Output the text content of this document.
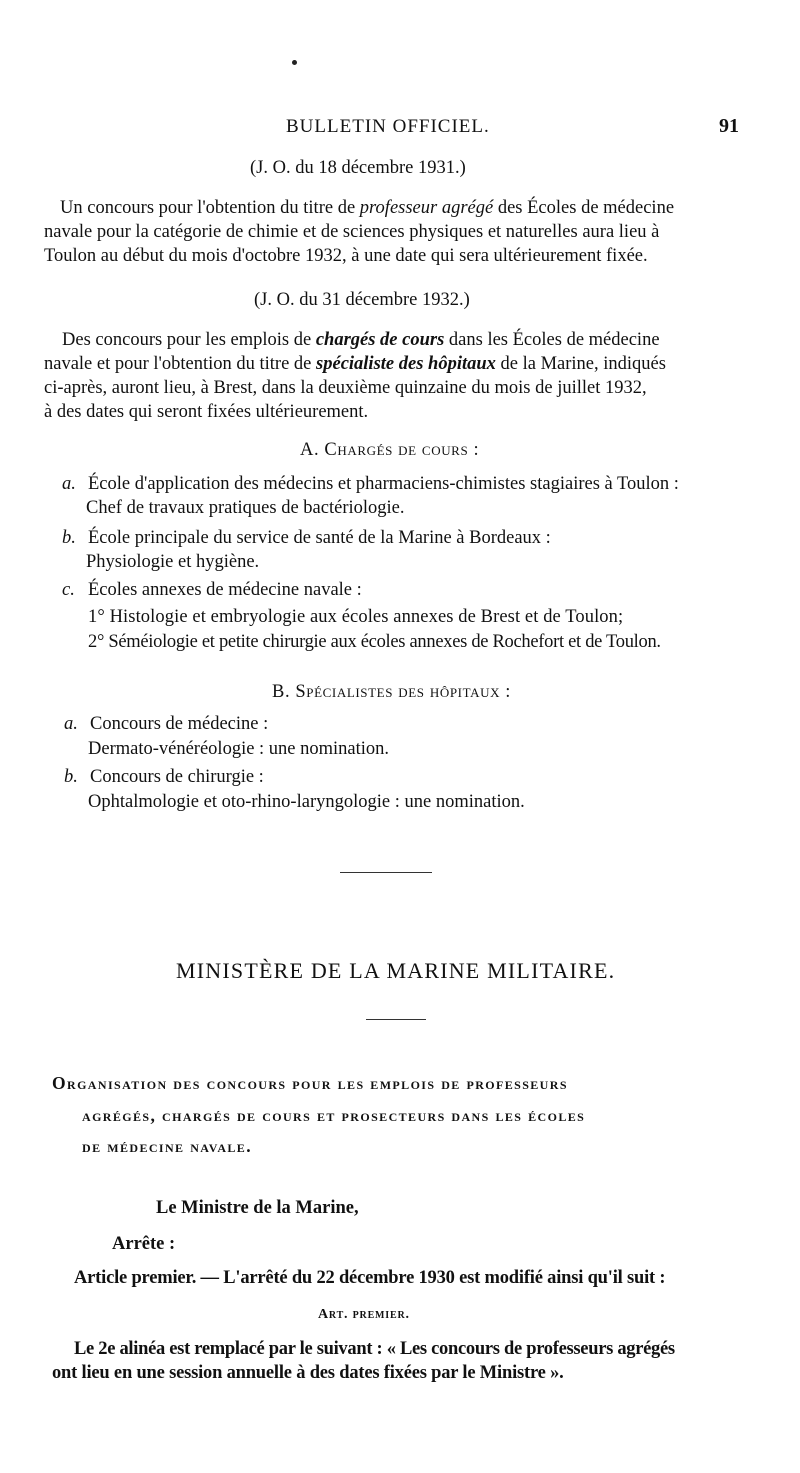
BULLETIN OFFICIEL.	91
(J. O. du 18 décembre 1931.)
Un concours pour l'obtention du titre de professeur agrégé des Écoles de médecine
navale pour la catégorie de chimie et de sciences physiques et naturelles aura lieu à
Toulon au début du mois d'octobre 1932, à une date qui sera ultérieurement fixée.
(J. O. du 31 décembre 1932.)
Des concours pour les emplois de chargés de cours dans les Écoles de médecine
navale et pour l'obtention du titre de spécialiste des hôpitaux de la Marine, indiqués
ci-après, auront lieu, à Brest, dans la deuxième quinzaine du mois de juillet 1932,
à des dates qui seront fixées ultérieurement.
A. Chargés de cours :
a. École d'application des médecins et pharmaciens-chimistes stagiaires à Toulon :
Chef de travaux pratiques de bactériologie.
b. École principale du service de santé de la Marine à Bordeaux :
Physiologie et hygiène.
c. Écoles annexes de médecine navale :
1° Histologie et embryologie aux écoles annexes de Brest et de Toulon;
2° Séméiologie et petite chirurgie aux écoles annexes de Rochefort et de Toulon.
B. Spécialistes des hôpitaux :
a. Concours de médecine :
Dermato-vénéréologie : une nomination.
b. Concours de chirurgie :
Ophtalmologie et oto-rhino-laryngologie : une nomination.
MINISTÈRE DE LA MARINE MILITAIRE.
Organisation des concours pour les emplois de professeurs
agrégés, chargés de cours et prosecteurs dans les écoles
de médecine navale.
Le Ministre de la Marine,
Arrête :
Article premier. — L'arrêté du 22 décembre 1930 est modifié ainsi qu'il suit :
Art. premier.
Le 2e alinéa est remplacé par le suivant : « Les concours de professeurs agrégés
ont lieu en une session annuelle à des dates fixées par le Ministre ».
